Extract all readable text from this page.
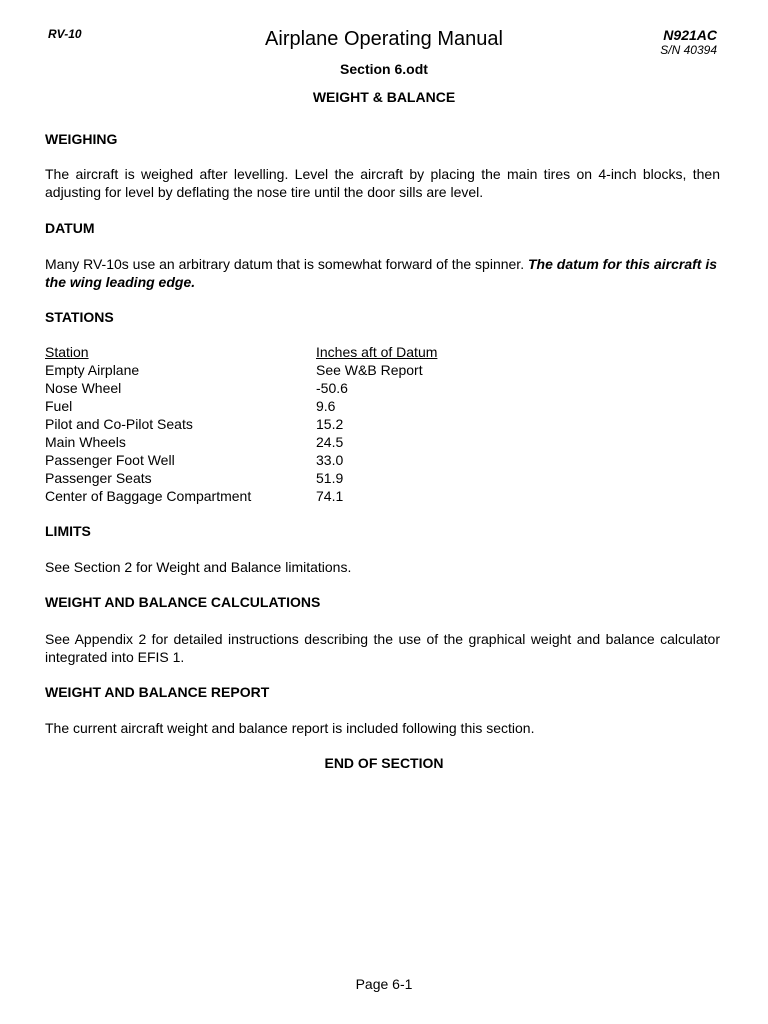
RV-10	Airplane Operating Manual	N921AC
S/N 40394
Section 6.odt
WEIGHT & BALANCE
WEIGHING
The aircraft is weighed after levelling. Level the aircraft by placing the main tires on 4-inch blocks, then adjusting for level by deflating the nose tire until the door sills are level.
DATUM
Many RV-10s use an arbitrary datum that is somewhat forward of the spinner. The datum for this aircraft is the wing leading edge.
STATIONS
Station	Inches aft of Datum
Empty Airplane	See W&B Report
Nose Wheel	-50.6
Fuel	9.6
Pilot and Co-Pilot Seats	15.2
Main Wheels	24.5
Passenger Foot Well	33.0
Passenger Seats	51.9
Center of Baggage Compartment	74.1
LIMITS
See Section 2 for Weight and Balance limitations.
WEIGHT AND BALANCE CALCULATIONS
See Appendix 2 for detailed instructions describing the use of the graphical weight and balance calculator integrated into EFIS 1.
WEIGHT AND BALANCE REPORT
The current aircraft weight and balance report is included following this section.
END OF SECTION
Page 6-1
